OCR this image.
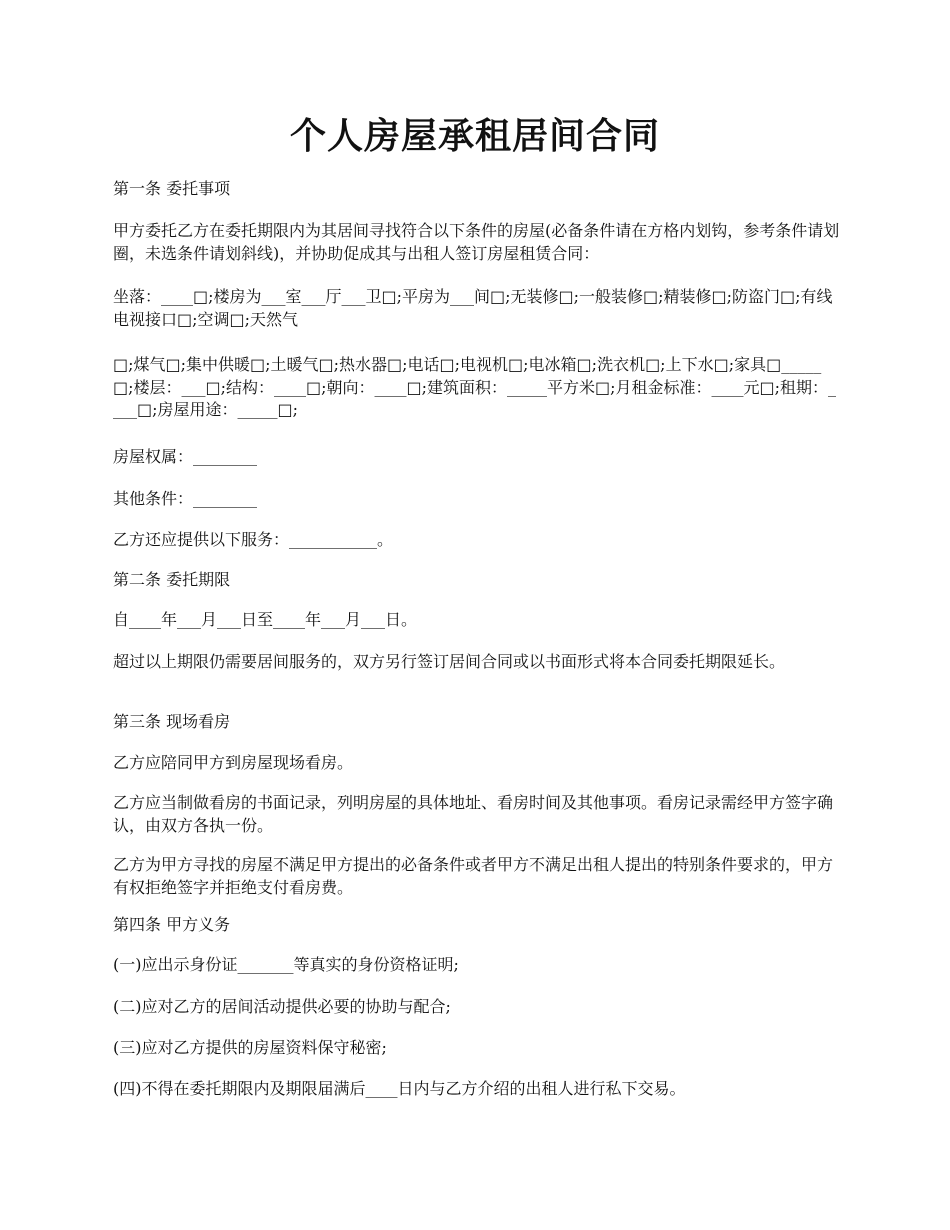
个人房屋承租居间合同

第一条 委托事项

甲方委托乙方在委托期限内为其居间寻找符合以下条件的房屋(必备条件请在方格内划钩，参考条件请划圈，未选条件请划斜线)，并协助促成其与出租人签订房屋租赁合同：

坐落：____□;楼房为___室___厅___卫□;平房为___间□;无装修□;一般装修□;精装修□;防盗门□;有线电视接口□;空调□;天然气

□;煤气□;集中供暖□;土暖气□;热水器□;电话□;电视机□;电冰箱□;洗衣机□;上下水□;家具□_____□;楼层：___□;结构：____□;朝向：____□;建筑面积：_____平方米□;月租金标准：____元□;租期：____□;房屋用途：_____□;

房屋权属：________

其他条件：________

乙方还应提供以下服务：___________。

第二条 委托期限

自____年___月___日至____年___月___日。

超过以上期限仍需要居间服务的，双方另行签订居间合同或以书面形式将本合同委托期限延长。

第三条 现场看房

乙方应陪同甲方到房屋现场看房。

乙方应当制做看房的书面记录，列明房屋的具体地址、看房时间及其他事项。看房记录需经甲方签字确认，由双方各执一份。

乙方为甲方寻找的房屋不满足甲方提出的必备条件或者甲方不满足出租人提出的特别条件要求的，甲方有权拒绝签字并拒绝支付看房费。

第四条 甲方义务

(一)应出示身份证_______等真实的身份资格证明;

(二)应对乙方的居间活动提供必要的协助与配合;

(三)应对乙方提供的房屋资料保守秘密;

(四)不得在委托期限内及期限届满后____日内与乙方介绍的出租人进行私下交易。
